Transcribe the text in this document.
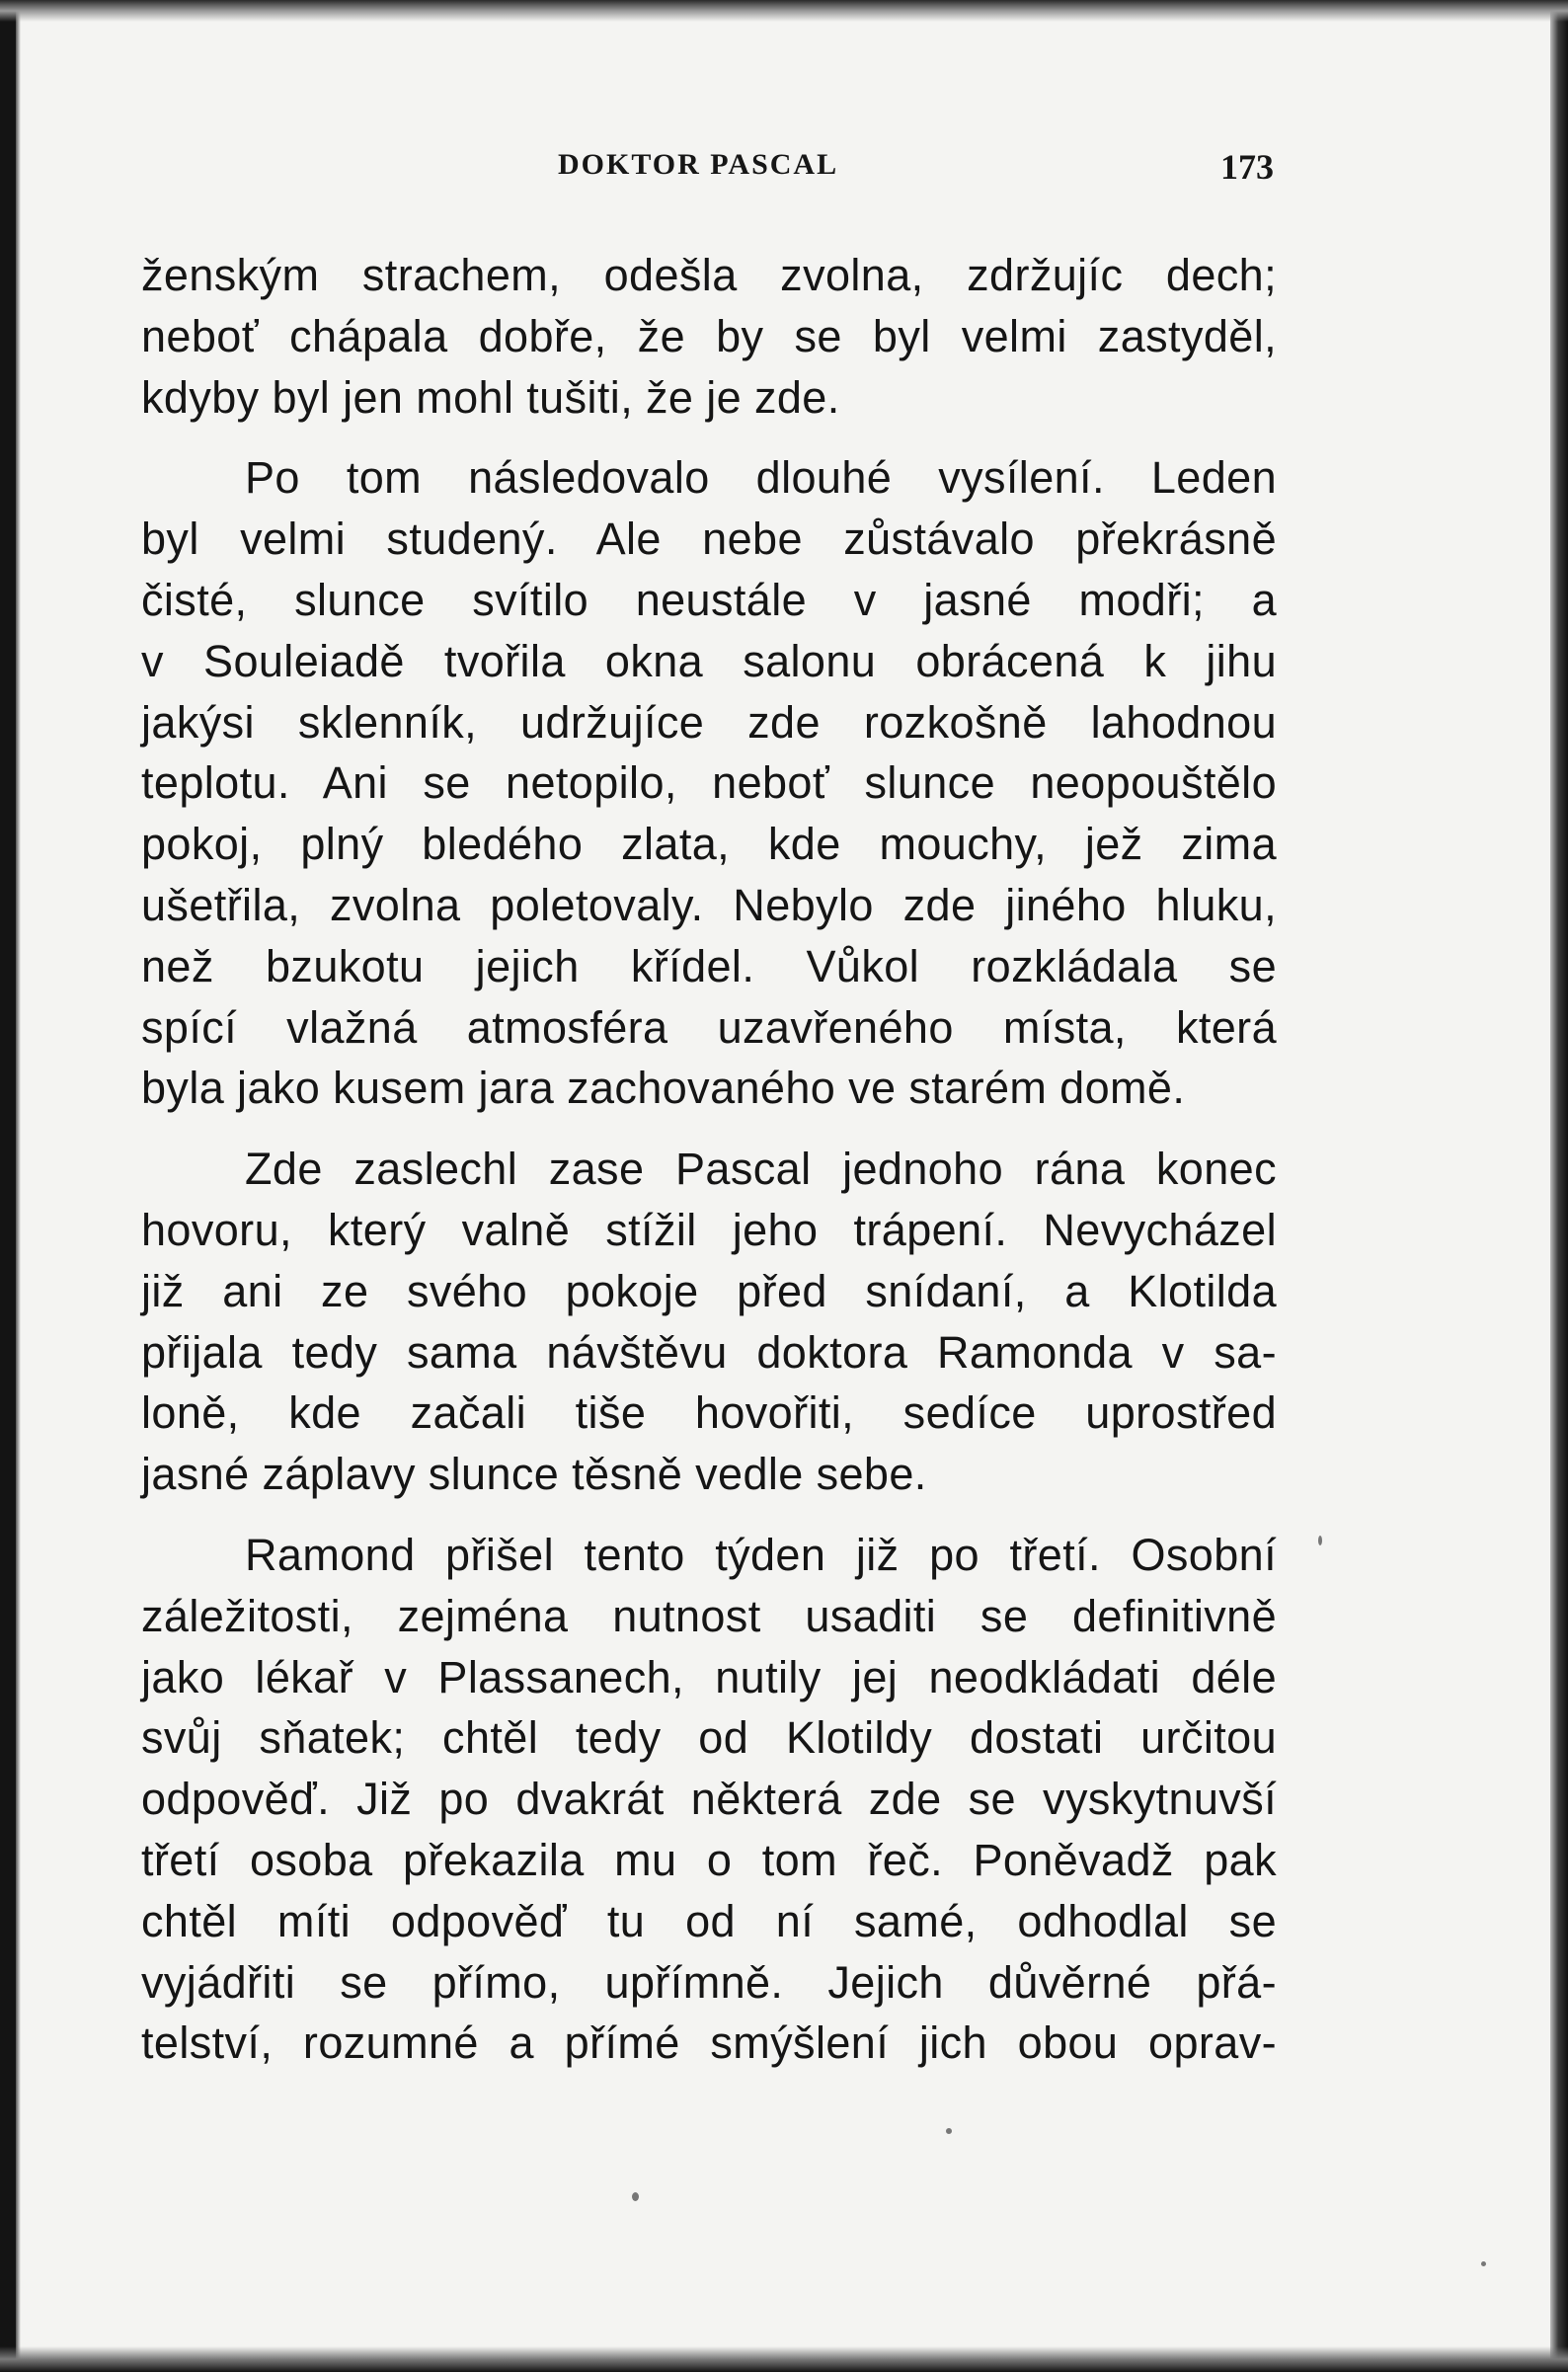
DOKTOR PASCAL	173

ženským strachem, odešla zvolna, zdržujíc dech;

neboť chápala dobře, že by se byl velmi zastyděl,

kdyby byl jen mohl tušiti, že je zde.

Po tom následovalo dlouhé vysílení. Leden

byl velmi studený. Ale nebe zůstávalo překrásně

čisté, slunce svítilo neustále v jasné modři; a

v Souleiadě tvořila okna salonu obrácená k jihu

jakýsi sklenník, udržujíce zde rozkošně lahodnou

teplotu. Ani se netopilo, neboť slunce neopouštělo

pokoj, plný bledého zlata, kde mouchy, jež zima

ušetřila, zvolna poletovaly. Nebylo zde jiného hluku,

než bzukotu jejich křídel. Vůkol rozkládala se

spící vlažná atmosféra uzavřeného místa, která

byla jako kusem jara zachovaného ve starém domě.

Zde zaslechl zase Pascal jednoho rána konec

hovoru, který valně stížil jeho trápení. Nevycházel

již ani ze svého pokoje před snídaní, a Klotilda

přijala tedy sama návštěvu doktora Ramonda v sa-

loně, kde začali tiše hovořiti, sedíce uprostřed

jasné záplavy slunce těsně vedle sebe.

Ramond přišel tento týden již po třetí. Osobní

záležitosti, zejména nutnost usaditi se definitivně

jako lékař v Plassanech, nutily jej neodkládati déle

svůj sňatek; chtěl tedy od Klotildy dostati určitou

odpověď. Již po dvakrát některá zde se vyskytnuvší

třetí osoba překazila mu o tom řeč. Poněvadž pak

chtěl míti odpověď tu od ní samé, odhodlal se

vyjádřiti se přímo, upřímně. Jejich důvěrné přá-

telství, rozumné a přímé smýšlení jich obou oprav-
